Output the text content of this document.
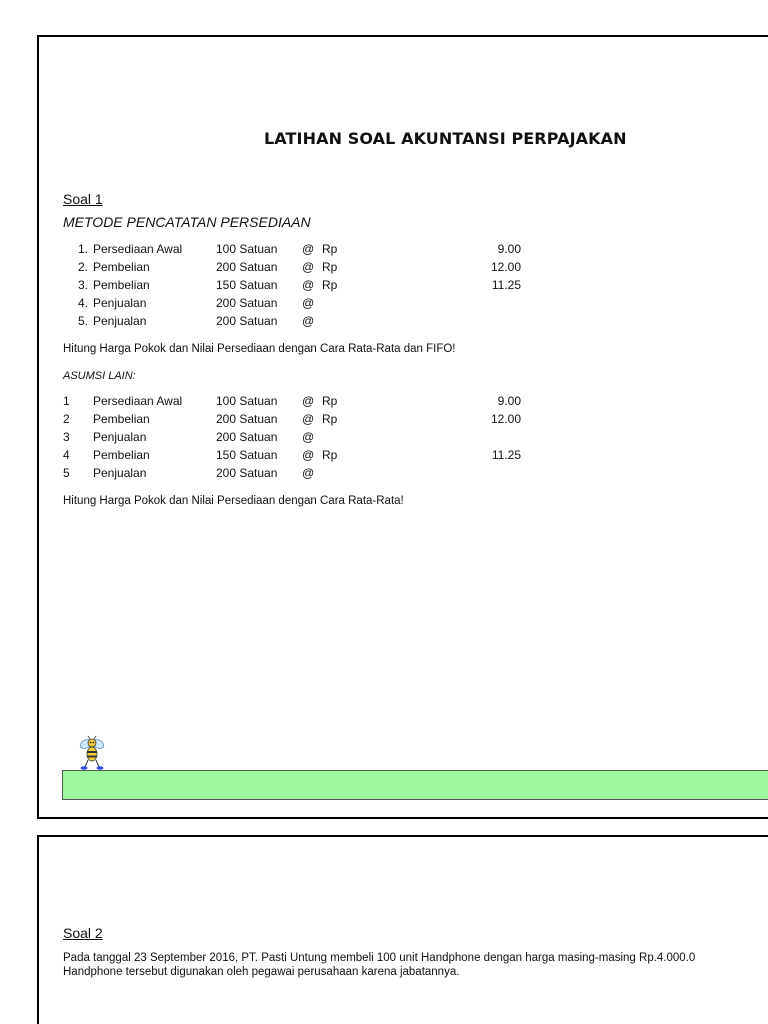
LATIHAN SOAL AKUNTANSI PERPAJAKAN
Soal 1
METODE PENCATATAN PERSEDIAAN
1. Persediaan Awal	100 Satuan @ Rp	9.00
2. Pembelian	200 Satuan @ Rp	12.00
3. Pembelian	150 Satuan @ Rp	11.25
4. Penjualan	200 Satuan @
5. Penjualan	200 Satuan @
Hitung Harga Pokok dan Nilai Persediaan dengan Cara Rata-Rata dan FIFO!
ASUMSI LAIN:
1	Persediaan Awal	100 Satuan @ Rp	9.00
2	Pembelian	200 Satuan @ Rp	12.00
3	Penjualan	200 Satuan @
4	Pembelian	150 Satuan @ Rp	11.25
5	Penjualan	200 Satuan @
Hitung Harga Pokok dan Nilai Persediaan dengan Cara Rata-Rata!
Soal 2
Pada tanggal 23 September 2016, PT. Pasti Untung membeli 100 unit Handphone dengan harga masing-masing Rp.4.000.0
Handphone tersebut digunakan oleh pegawai perusahaan karena jabatannya.
